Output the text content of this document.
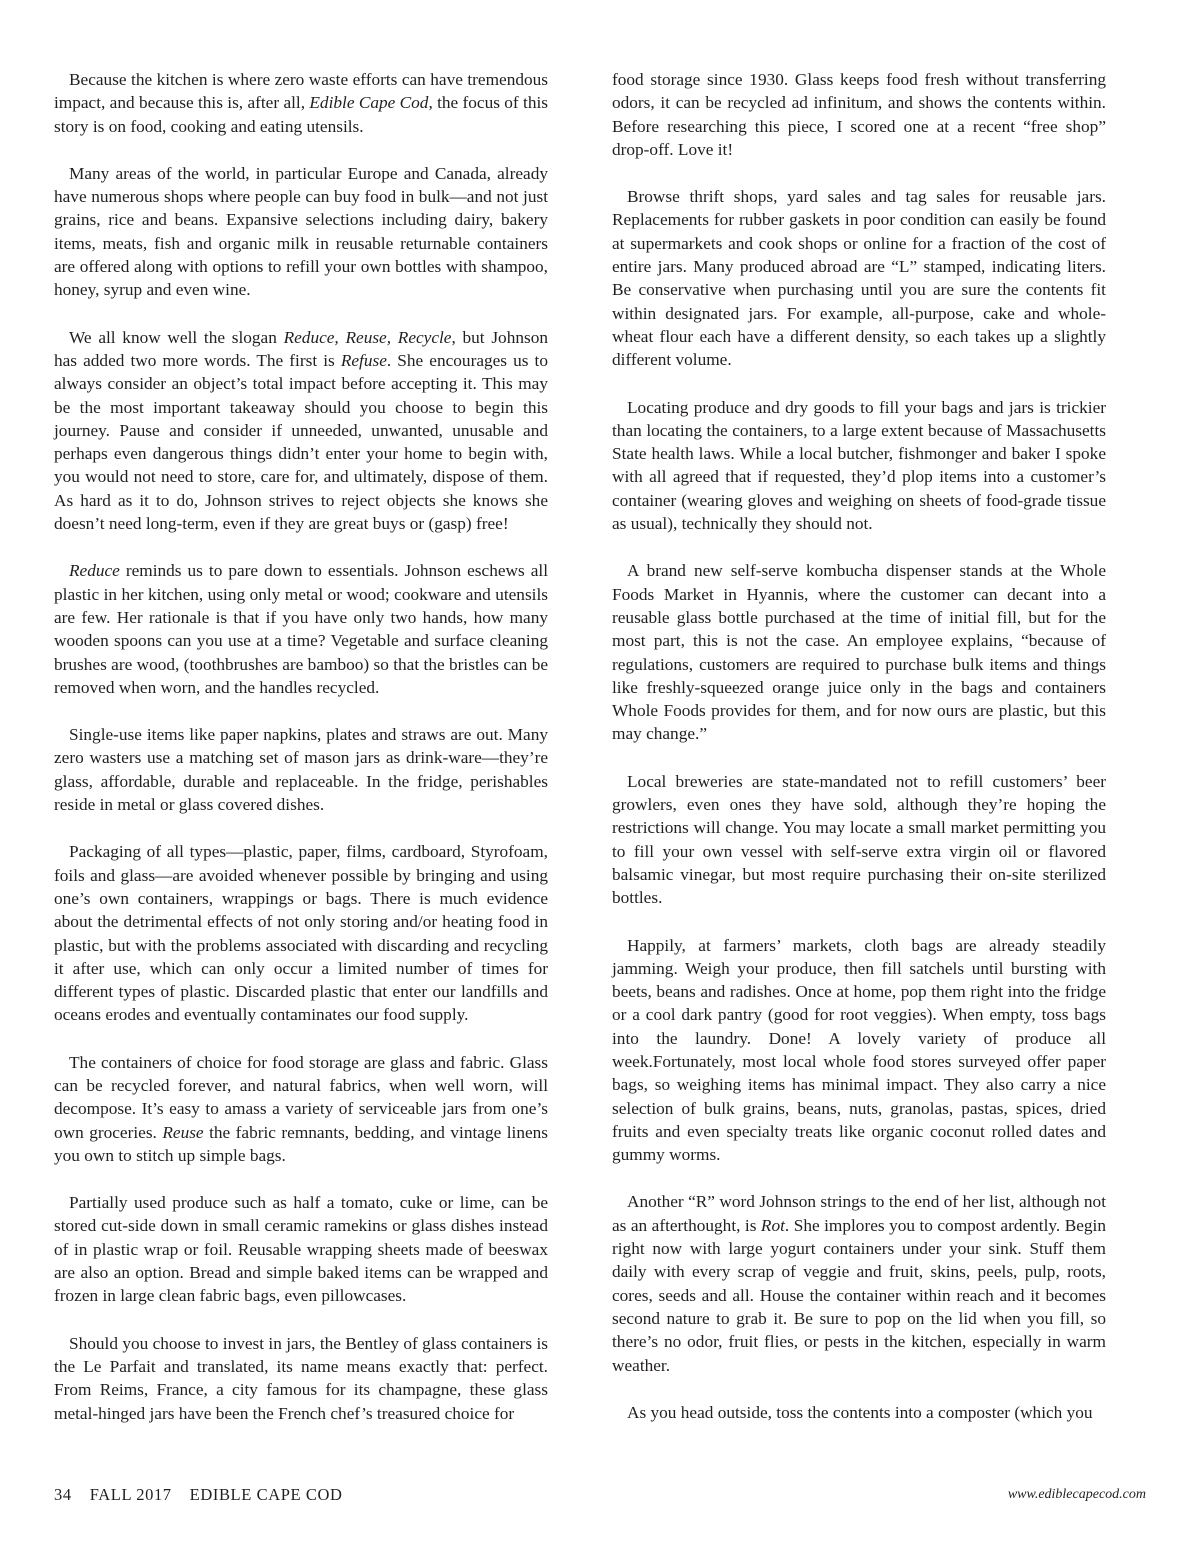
Because the kitchen is where zero waste efforts can have tremendous impact, and because this is, after all, Edible Cape Cod, the focus of this story is on food, cooking and eating utensils.

Many areas of the world, in particular Europe and Canada, already have numerous shops where people can buy food in bulk—and not just grains, rice and beans. Expansive selections including dairy, bakery items, meats, fish and organic milk in reusable returnable containers are offered along with options to refill your own bottles with shampoo, honey, syrup and even wine.

We all know well the slogan Reduce, Reuse, Recycle, but Johnson has added two more words. The first is Refuse. She encourages us to always consider an object’s total impact before accepting it. This may be the most important takeaway should you choose to begin this journey. Pause and consider if unneeded, unwanted, unusable and perhaps even dangerous things didn’t enter your home to begin with, you would not need to store, care for, and ultimately, dispose of them. As hard as it to do, Johnson strives to reject objects she knows she doesn’t need long-term, even if they are great buys or (gasp) free!

Reduce reminds us to pare down to essentials. Johnson eschews all plastic in her kitchen, using only metal or wood; cookware and utensils are few. Her rationale is that if you have only two hands, how many wooden spoons can you use at a time? Vegetable and surface cleaning brushes are wood, (toothbrushes are bamboo) so that the bristles can be removed when worn, and the handles recycled.

Single-use items like paper napkins, plates and straws are out. Many zero wasters use a matching set of mason jars as drink-ware—they’re glass, affordable, durable and replaceable. In the fridge, perishables reside in metal or glass covered dishes.

Packaging of all types—plastic, paper, films, cardboard, Styrofoam, foils and glass—are avoided whenever possible by bringing and using one’s own containers, wrappings or bags. There is much evidence about the detrimental effects of not only storing and/or heating food in plastic, but with the problems associated with discarding and recycling it after use, which can only occur a limited number of times for different types of plastic. Discarded plastic that enter our landfills and oceans erodes and eventually contaminates our food supply.

The containers of choice for food storage are glass and fabric. Glass can be recycled forever, and natural fabrics, when well worn, will decompose. It’s easy to amass a variety of serviceable jars from one’s own groceries. Reuse the fabric remnants, bedding, and vintage linens you own to stitch up simple bags.

Partially used produce such as half a tomato, cuke or lime, can be stored cut-side down in small ceramic ramekins or glass dishes instead of in plastic wrap or foil. Reusable wrapping sheets made of beeswax are also an option. Bread and simple baked items can be wrapped and frozen in large clean fabric bags, even pillowcases.

Should you choose to invest in jars, the Bentley of glass containers is the Le Parfait and translated, its name means exactly that: perfect. From Reims, France, a city famous for its champagne, these glass metal-hinged jars have been the French chef’s treasured choice for

food storage since 1930. Glass keeps food fresh without transferring odors, it can be recycled ad infinitum, and shows the contents within. Before researching this piece, I scored one at a recent “free shop” drop-off. Love it!

Browse thrift shops, yard sales and tag sales for reusable jars. Replacements for rubber gaskets in poor condition can easily be found at supermarkets and cook shops or online for a fraction of the cost of entire jars. Many produced abroad are “L” stamped, indicating liters. Be conservative when purchasing until you are sure the contents fit within designated jars. For example, all-purpose, cake and whole-wheat flour each have a different density, so each takes up a slightly different volume.

Locating produce and dry goods to fill your bags and jars is trickier than locating the containers, to a large extent because of Massachusetts State health laws. While a local butcher, fishmonger and baker I spoke with all agreed that if requested, they’d plop items into a customer’s container (wearing gloves and weighing on sheets of food-grade tissue as usual), technically they should not.

A brand new self-serve kombucha dispenser stands at the Whole Foods Market in Hyannis, where the customer can decant into a reusable glass bottle purchased at the time of initial fill, but for the most part, this is not the case. An employee explains, “because of regulations, customers are required to purchase bulk items and things like freshly-squeezed orange juice only in the bags and containers Whole Foods provides for them, and for now ours are plastic, but this may change.”

Local breweries are state-mandated not to refill customers’ beer growlers, even ones they have sold, although they’re hoping the restrictions will change. You may locate a small market permitting you to fill your own vessel with self-serve extra virgin oil or flavored balsamic vinegar, but most require purchasing their on-site sterilized bottles.

Happily, at farmers’ markets, cloth bags are already steadily jamming. Weigh your produce, then fill satchels until bursting with beets, beans and radishes. Once at home, pop them right into the fridge or a cool dark pantry (good for root veggies). When empty, toss bags into the laundry. Done! A lovely variety of produce all week.Fortunately, most local whole food stores surveyed offer paper bags, so weighing items has minimal impact. They also carry a nice selection of bulk grains, beans, nuts, granolas, pastas, spices, dried fruits and even specialty treats like organic coconut rolled dates and gummy worms.

Another “R” word Johnson strings to the end of her list, although not as an afterthought, is Rot. She implores you to compost ardently. Begin right now with large yogurt containers under your sink. Stuff them daily with every scrap of veggie and fruit, skins, peels, pulp, roots, cores, seeds and all. House the container within reach and it becomes second nature to grab it. Be sure to pop on the lid when you fill, so there’s no odor, fruit flies, or pests in the kitchen, especially in warm weather.

As you head outside, toss the contents into a composter (which you

34 FALL 2017 EDIBLE CAPE COD	www.ediblecapecod.com
